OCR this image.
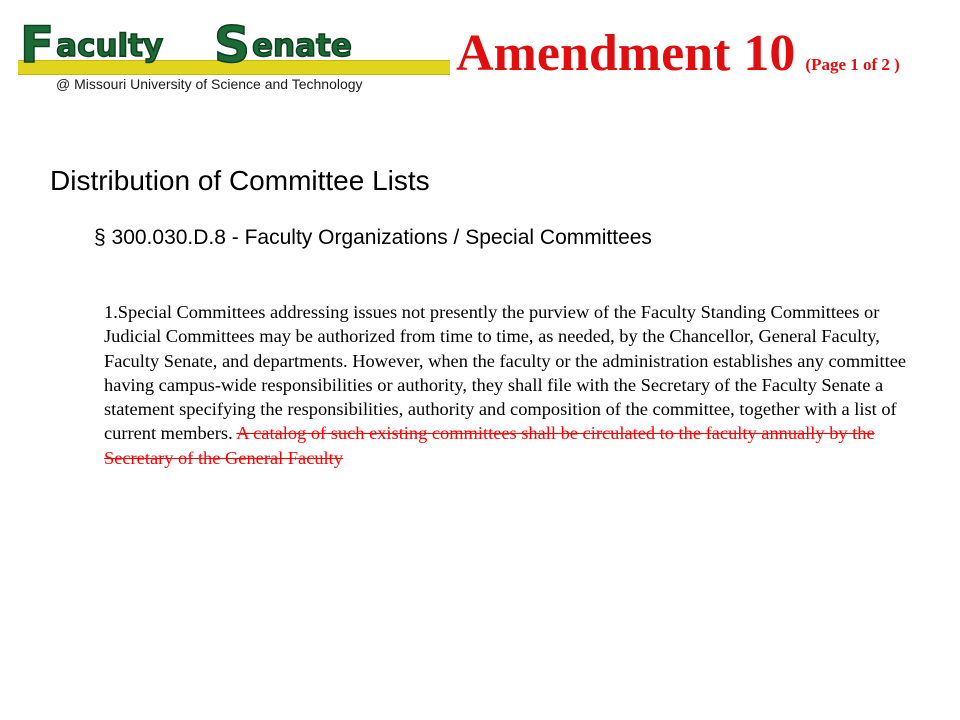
F aculty S enate
@ Missouri University of Science and Technology
Amendment 10 (Page 1 of 2 )
Distribution of Committee Lists
§ 300.030.D.8 - Faculty Organizations / Special Committees
1.Special Committees addressing issues not presently the purview of the Faculty Standing Committees or Judicial Committees may be authorized from time to time, as needed, by the Chancellor, General Faculty, Faculty Senate, and departments. However, when the faculty or the administration establishes any committee having campus-wide responsibilities or authority, they shall file with the Secretary of the Faculty Senate a statement specifying the responsibilities, authority and composition of the committee, together with a list of current members. A catalog of such existing committees shall be circulated to the faculty annually by the Secretary of the General Faculty
